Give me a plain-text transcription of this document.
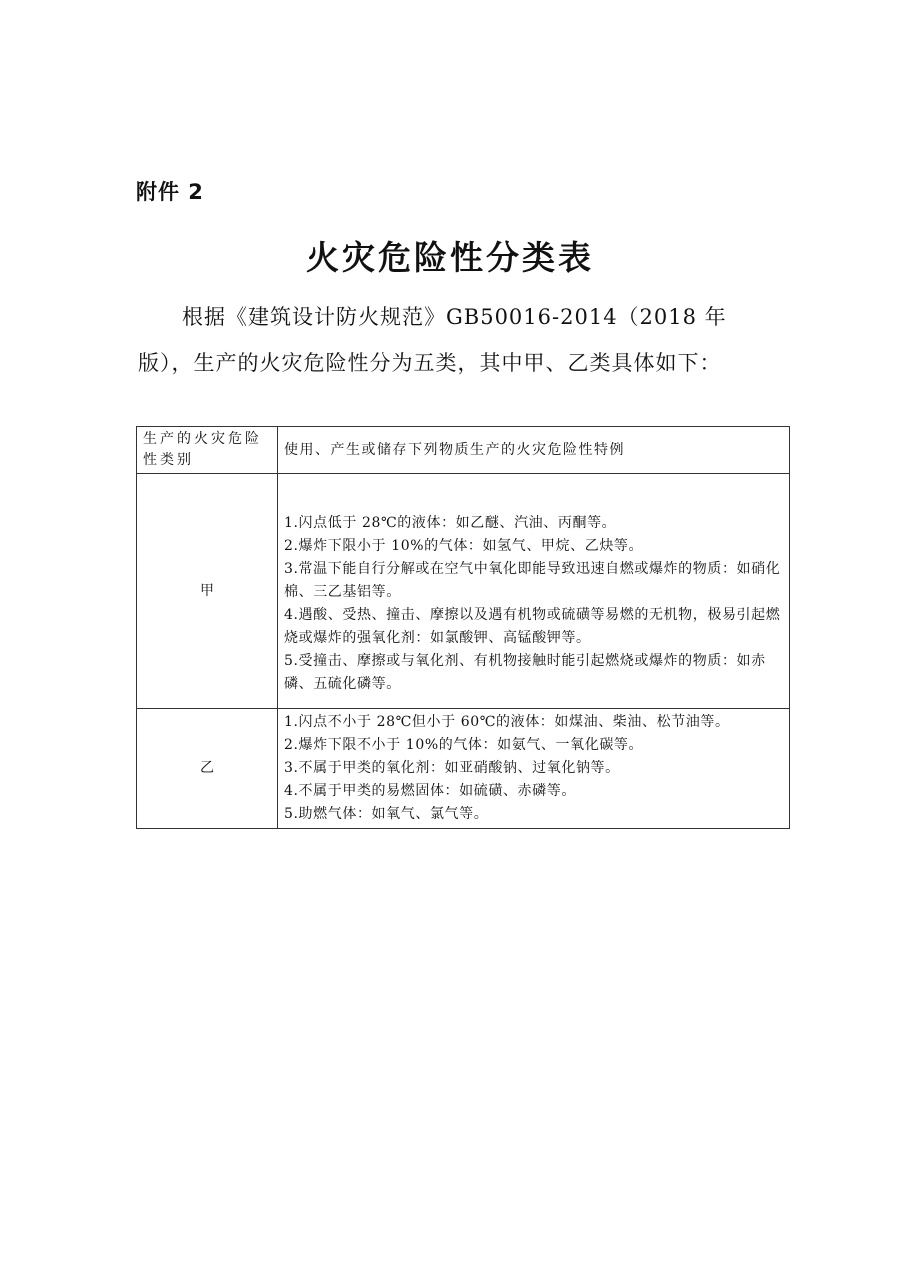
附件 2
火灾危险性分类表
根据《建筑设计防火规范》GB50016-2014（2018 年版），生产的火灾危险性分为五类，其中甲、乙类具体如下：
生产的火灾危险性类别	使用、产生或储存下列物质生产的火灾危险性特例
甲	1.闪点低于 28℃的液体：如乙醚、汽油、丙酮等。
2.爆炸下限小于 10%的气体：如氢气、甲烷、乙炔等。
3.常温下能自行分解或在空气中氧化即能导致迅速自燃或爆炸的物质：如硝化棉、三乙基铝等。
4.遇酸、受热、撞击、摩擦以及遇有机物或硫磺等易燃的无机物，极易引起燃烧或爆炸的强氧化剂：如氯酸钾、高锰酸钾等。
5.受撞击、摩擦或与氧化剂、有机物接触时能引起燃烧或爆炸的物质：如赤磷、五硫化磷等。

乙	1.闪点不小于 28℃但小于 60℃的液体：如煤油、柴油、松节油等。
2.爆炸下限不小于 10%的气体：如氨气、一氧化碳等。
3.不属于甲类的氧化剂：如亚硝酸钠、过氧化钠等。
4.不属于甲类的易燃固体：如硫磺、赤磷等。
5.助燃气体：如氧气、氯气等。
